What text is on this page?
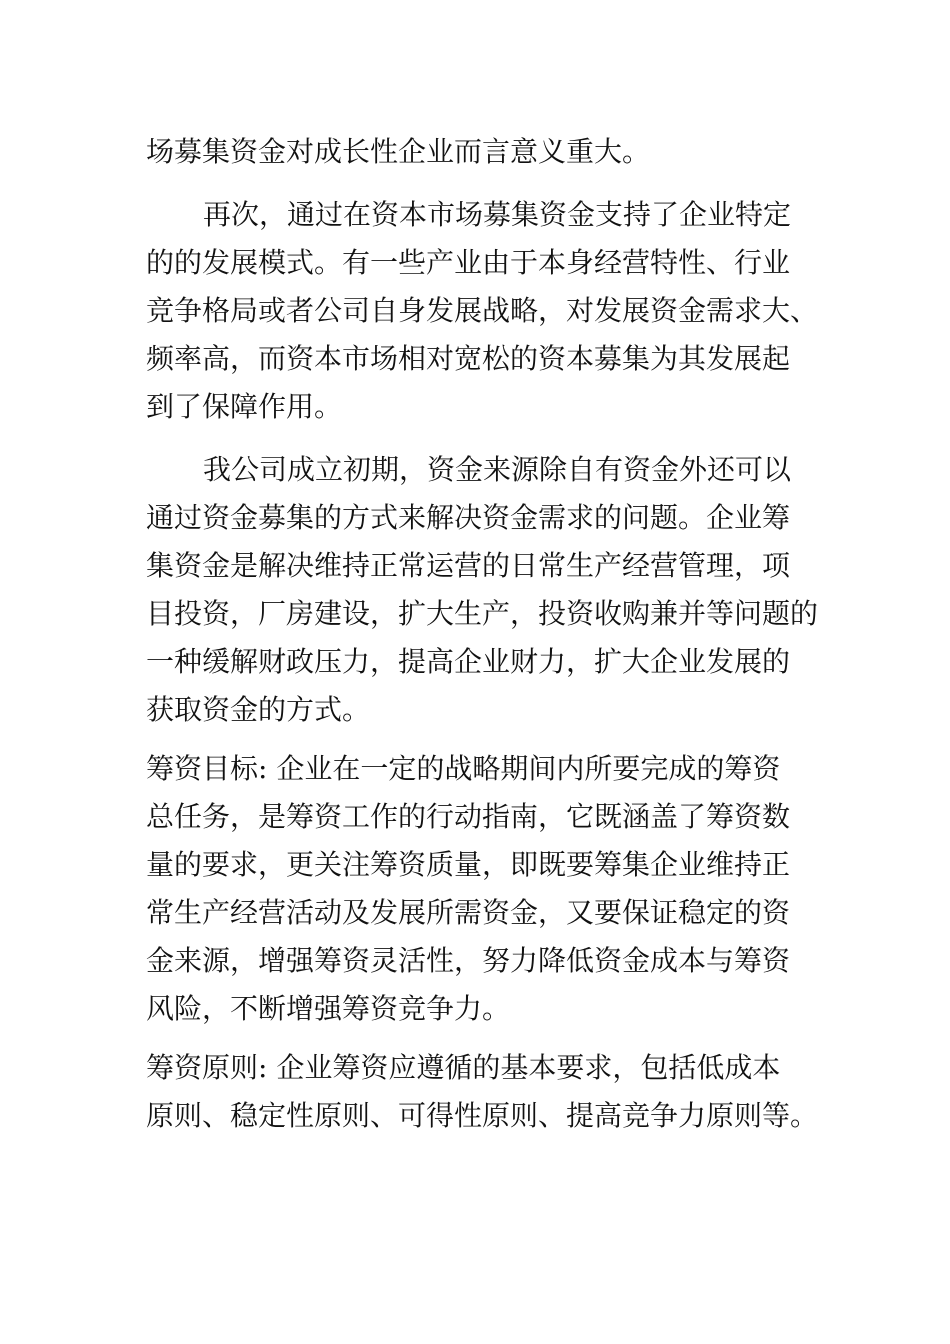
场募集资金对成长性企业而言意义重大。
再次，通过在资本市场募集资金支持了企业特定
的的发展模式。有一些产业由于本身经营特性、行业
竞争格局或者公司自身发展战略，对发展资金需求大、
频率高，而资本市场相对宽松的资本募集为其发展起
到了保障作用。
我公司成立初期，资金来源除自有资金外还可以
通过资金募集的方式来解决资金需求的问题。企业筹
集资金是解决维持正常运营的日常生产经营管理，项
目投资，厂房建设，扩大生产，投资收购兼并等问题的
一种缓解财政压力，提高企业财力，扩大企业发展的
获取资金的方式。
筹资目标: 企业在一定的战略期间内所要完成的筹资
总任务，是筹资工作的行动指南，它既涵盖了筹资数
量的要求，更关注筹资质量，即既要筹集企业维持正
常生产经营活动及发展所需资金，又要保证稳定的资
金来源，增强筹资灵活性，努力降低资金成本与筹资
风险，不断增强筹资竞争力。
筹资原则: 企业筹资应遵循的基本要求，包括低成本
原则、稳定性原则、可得性原则、提高竞争力原则等。
